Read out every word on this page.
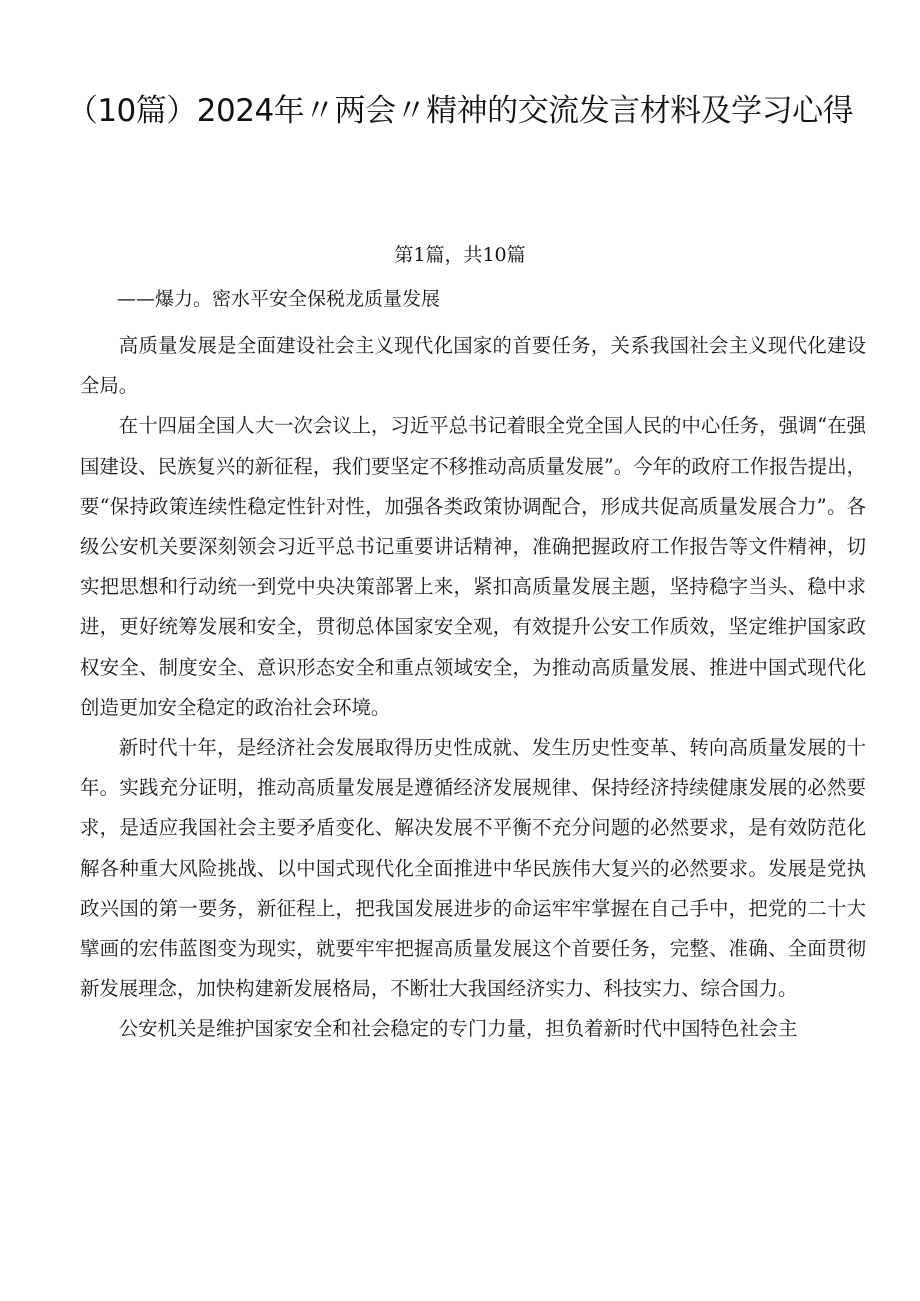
（10篇）2024年〃两会〃精神的交流发言材料及学习心得
第1篇，共10篇
——爆力。密水平安全保税龙质量发展

高质量发展是全面建设社会主义现代化国家的首要任务，关系我国社会主义现代化建设全局。

在十四届全国人大一次会议上，习近平总书记着眼全党全国人民的中心任务，强调“在强国建设、民族复兴的新征程，我们要坚定不移推动高质量发展”。今年的政府工作报告提出，要“保持政策连续性稳定性针对性，加强各类政策协调配合，形成共促高质量发展合力”。各级公安机关要深刻领会习近平总书记重要讲话精神，准确把握政府工作报告等文件精神，切实把思想和行动统一到党中央决策部署上来，紧扣高质量发展主题，坚持稳字当头、稳中求进，更好统筹发展和安全，贯彻总体国家安全观，有效提升公安工作质效，坚定维护国家政权安全、制度安全、意识形态安全和重点领域安全，为推动高质量发展、推进中国式现代化创造更加安全稳定的政治社会环境。

新时代十年，是经济社会发展取得历史性成就、发生历史性变革、转向高质量发展的十年。实践充分证明，推动高质量发展是遵循经济发展规律、保持经济持续健康发展的必然要求，是适应我国社会主要矛盾变化、解决发展不平衡不充分问题的必然要求，是有效防范化解各种重大风险挑战、以中国式现代化全面推进中华民族伟大复兴的必然要求。发展是党执政兴国的第一要务，新征程上，把我国发展进步的命运牢牢掌握在自己手中，把党的二十大擘画的宏伟蓝图变为现实，就要牢牢把握高质量发展这个首要任务，完整、准确、全面贯彻新发展理念，加快构建新发展格局，不断壮大我国经济实力、科技实力、综合国力。

公安机关是维护国家安全和社会稳定的专门力量，担负着新时代中国特色社会主
